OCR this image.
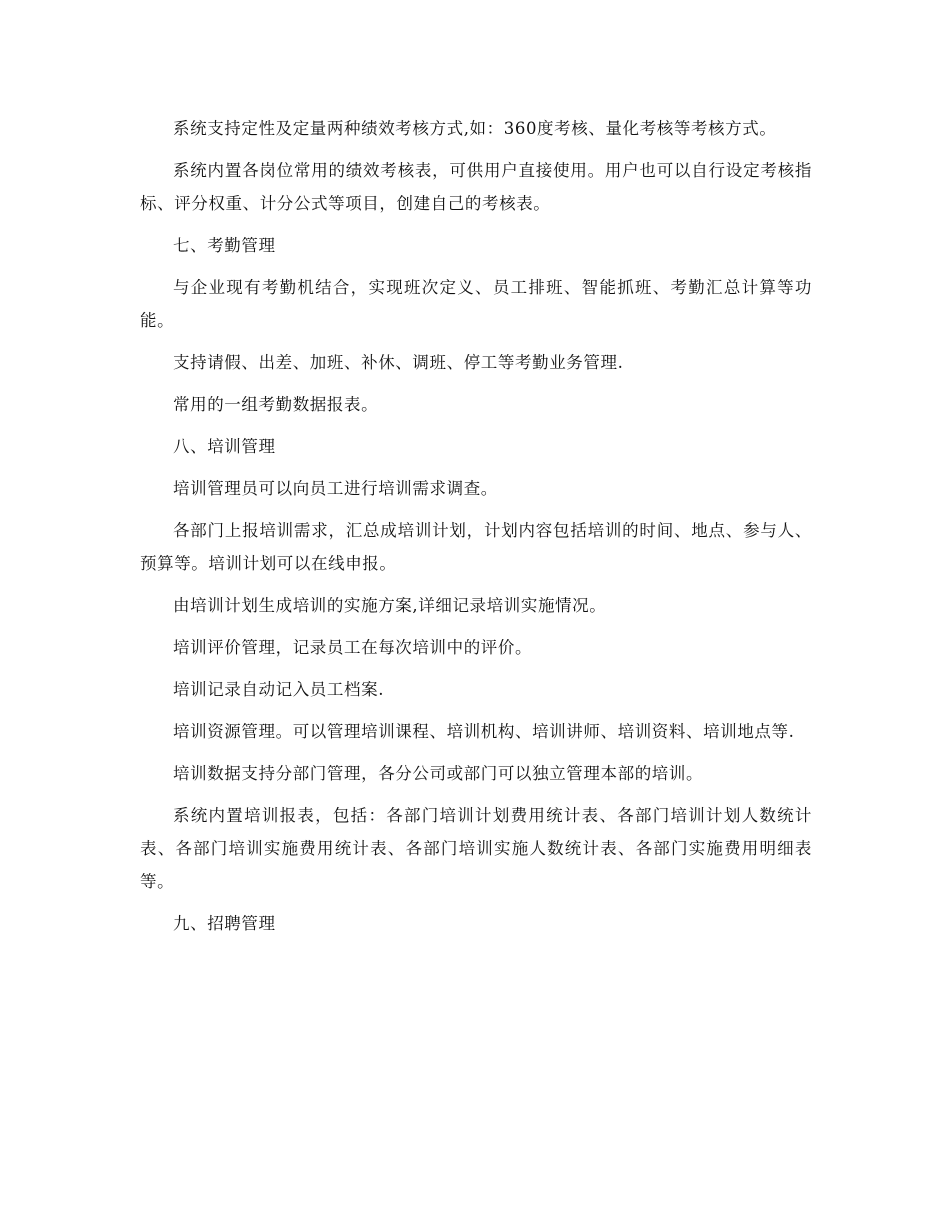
系统支持定性及定量两种绩效考核方式,如：360度考核、量化考核等考核方式。

系统内置各岗位常用的绩效考核表，可供用户直接使用。用户也可以自行设定考核指标、评分权重、计分公式等项目，创建自己的考核表。

七、考勤管理

与企业现有考勤机结合，实现班次定义、员工排班、智能抓班、考勤汇总计算等功能。

支持请假、出差、加班、补休、调班、停工等考勤业务管理.

常用的一组考勤数据报表。

八、培训管理

培训管理员可以向员工进行培训需求调查。

各部门上报培训需求，汇总成培训计划，计划内容包括培训的时间、地点、参与人、预算等。培训计划可以在线申报。

由培训计划生成培训的实施方案,详细记录培训实施情况。

培训评价管理，记录员工在每次培训中的评价。

培训记录自动记入员工档案.

培训资源管理。可以管理培训课程、培训机构、培训讲师、培训资料、培训地点等.

培训数据支持分部门管理，各分公司或部门可以独立管理本部的培训。

系统内置培训报表，包括：各部门培训计划费用统计表、各部门培训计划人数统计表、各部门培训实施费用统计表、各部门培训实施人数统计表、各部门实施费用明细表等。

九、招聘管理
